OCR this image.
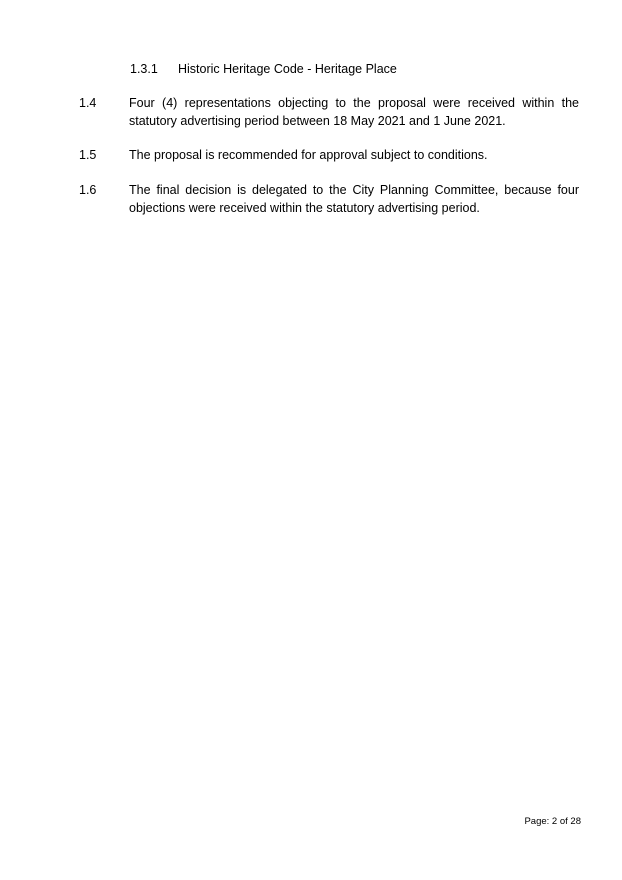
1.3.1 Historic Heritage Code - Heritage Place
1.4	Four (4) representations objecting to the proposal were received within the
statutory advertising period between 18 May 2021 and 1 June 2021.
1.5	The proposal is recommended for approval subject to conditions.
1.6	The final decision is delegated to the City Planning Committee, because four
objections were received within the statutory advertising period.
Page: 2 of 28
